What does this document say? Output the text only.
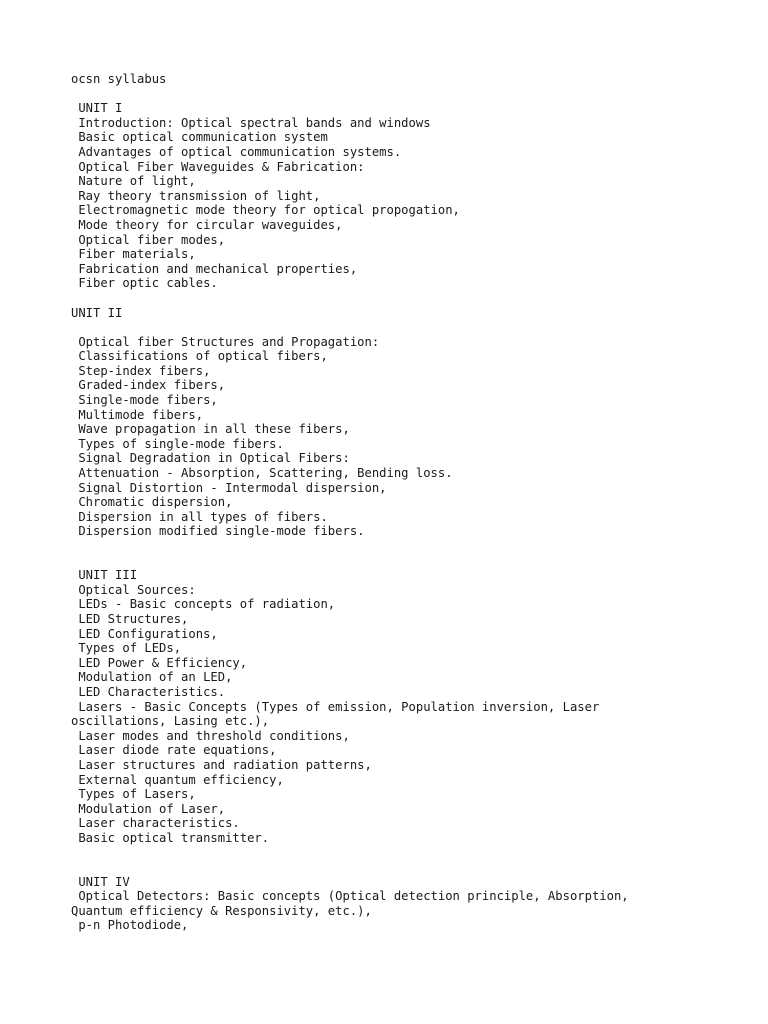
ocsn syllabus
UNIT I
Introduction: Optical spectral bands and windows
Basic optical communication system
Advantages of optical communication systems.
Optical Fiber Waveguides & Fabrication:
Nature of light,
Ray theory transmission of light,
Electromagnetic mode theory for optical propogation,
Mode theory for circular waveguides,
Optical fiber modes,
Fiber materials,
Fabrication and mechanical properties,
Fiber optic cables.
UNIT II
Optical fiber Structures and Propagation:
Classifications of optical fibers,
Step-index fibers,
Graded-index fibers,
Single-mode fibers,
Multimode fibers,
Wave propagation in all these fibers,
Types of single-mode fibers.
Signal Degradation in Optical Fibers:
Attenuation - Absorption, Scattering, Bending loss.
Signal Distortion - Intermodal dispersion,
Chromatic dispersion,
Dispersion in all types of fibers.
Dispersion modified single-mode fibers.
UNIT III
Optical Sources:
LEDs - Basic concepts of radiation,
LED Structures,
LED Configurations,
Types of LEDs,
LED Power & Efficiency,
Modulation of an LED,
LED Characteristics.
Lasers - Basic Concepts (Types of emission, Population inversion, Laser
oscillations, Lasing etc.),
Laser modes and threshold conditions,
Laser diode rate equations,
Laser structures and radiation patterns,
External quantum efficiency,
Types of Lasers,
Modulation of Laser,
Laser characteristics.
Basic optical transmitter.
UNIT IV
Optical Detectors: Basic concepts (Optical detection principle, Absorption,
Quantum efficiency & Responsivity, etc.),
p-n Photodiode,
